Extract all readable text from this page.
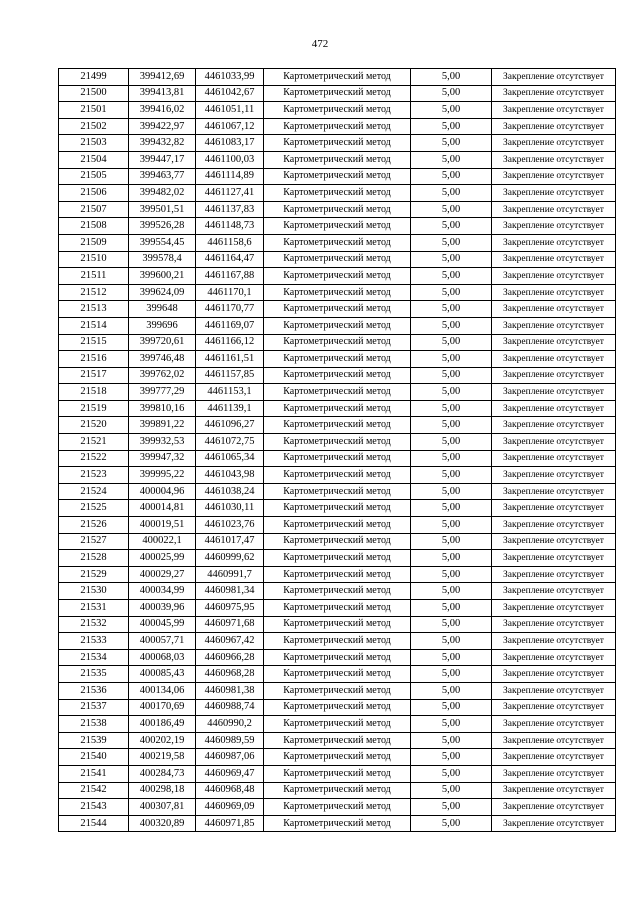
472
21499	399412,69	4461033,99	Картометрический метод	5,00	Закрепление отсутствует
21500	399413,81	4461042,67	Картометрический метод	5,00	Закрепление отсутствует
21501	399416,02	4461051,11	Картометрический метод	5,00	Закрепление отсутствует
21502	399422,97	4461067,12	Картометрический метод	5,00	Закрепление отсутствует
21503	399432,82	4461083,17	Картометрический метод	5,00	Закрепление отсутствует
21504	399447,17	4461100,03	Картометрический метод	5,00	Закрепление отсутствует
21505	399463,77	4461114,89	Картометрический метод	5,00	Закрепление отсутствует
21506	399482,02	4461127,41	Картометрический метод	5,00	Закрепление отсутствует
21507	399501,51	4461137,83	Картометрический метод	5,00	Закрепление отсутствует
21508	399526,28	4461148,73	Картометрический метод	5,00	Закрепление отсутствует
21509	399554,45	4461158,6	Картометрический метод	5,00	Закрепление отсутствует
21510	399578,4	4461164,47	Картометрический метод	5,00	Закрепление отсутствует
21511	399600,21	4461167,88	Картометрический метод	5,00	Закрепление отсутствует
21512	399624,09	4461170,1	Картометрический метод	5,00	Закрепление отсутствует
21513	399648	4461170,77	Картометрический метод	5,00	Закрепление отсутствует
21514	399696	4461169,07	Картометрический метод	5,00	Закрепление отсутствует
21515	399720,61	4461166,12	Картометрический метод	5,00	Закрепление отсутствует
21516	399746,48	4461161,51	Картометрический метод	5,00	Закрепление отсутствует
21517	399762,02	4461157,85	Картометрический метод	5,00	Закрепление отсутствует
21518	399777,29	4461153,1	Картометрический метод	5,00	Закрепление отсутствует
21519	399810,16	4461139,1	Картометрический метод	5,00	Закрепление отсутствует
21520	399891,22	4461096,27	Картометрический метод	5,00	Закрепление отсутствует
21521	399932,53	4461072,75	Картометрический метод	5,00	Закрепление отсутствует
21522	399947,32	4461065,34	Картометрический метод	5,00	Закрепление отсутствует
21523	399995,22	4461043,98	Картометрический метод	5,00	Закрепление отсутствует
21524	400004,96	4461038,24	Картометрический метод	5,00	Закрепление отсутствует
21525	400014,81	4461030,11	Картометрический метод	5,00	Закрепление отсутствует
21526	400019,51	4461023,76	Картометрический метод	5,00	Закрепление отсутствует
21527	400022,1	4461017,47	Картометрический метод	5,00	Закрепление отсутствует
21528	400025,99	4460999,62	Картометрический метод	5,00	Закрепление отсутствует
21529	400029,27	4460991,7	Картометрический метод	5,00	Закрепление отсутствует
21530	400034,99	4460981,34	Картометрический метод	5,00	Закрепление отсутствует
21531	400039,96	4460975,95	Картометрический метод	5,00	Закрепление отсутствует
21532	400045,99	4460971,68	Картометрический метод	5,00	Закрепление отсутствует
21533	400057,71	4460967,42	Картометрический метод	5,00	Закрепление отсутствует
21534	400068,03	4460966,28	Картометрический метод	5,00	Закрепление отсутствует
21535	400085,43	4460968,28	Картометрический метод	5,00	Закрепление отсутствует
21536	400134,06	4460981,38	Картометрический метод	5,00	Закрепление отсутствует
21537	400170,69	4460988,74	Картометрический метод	5,00	Закрепление отсутствует
21538	400186,49	4460990,2	Картометрический метод	5,00	Закрепление отсутствует
21539	400202,19	4460989,59	Картометрический метод	5,00	Закрепление отсутствует
21540	400219,58	4460987,06	Картометрический метод	5,00	Закрепление отсутствует
21541	400284,73	4460969,47	Картометрический метод	5,00	Закрепление отсутствует
21542	400298,18	4460968,48	Картометрический метод	5,00	Закрепление отсутствует
21543	400307,81	4460969,09	Картометрический метод	5,00	Закрепление отсутствует
21544	400320,89	4460971,85	Картометрический метод	5,00	Закрепление отсутствует
